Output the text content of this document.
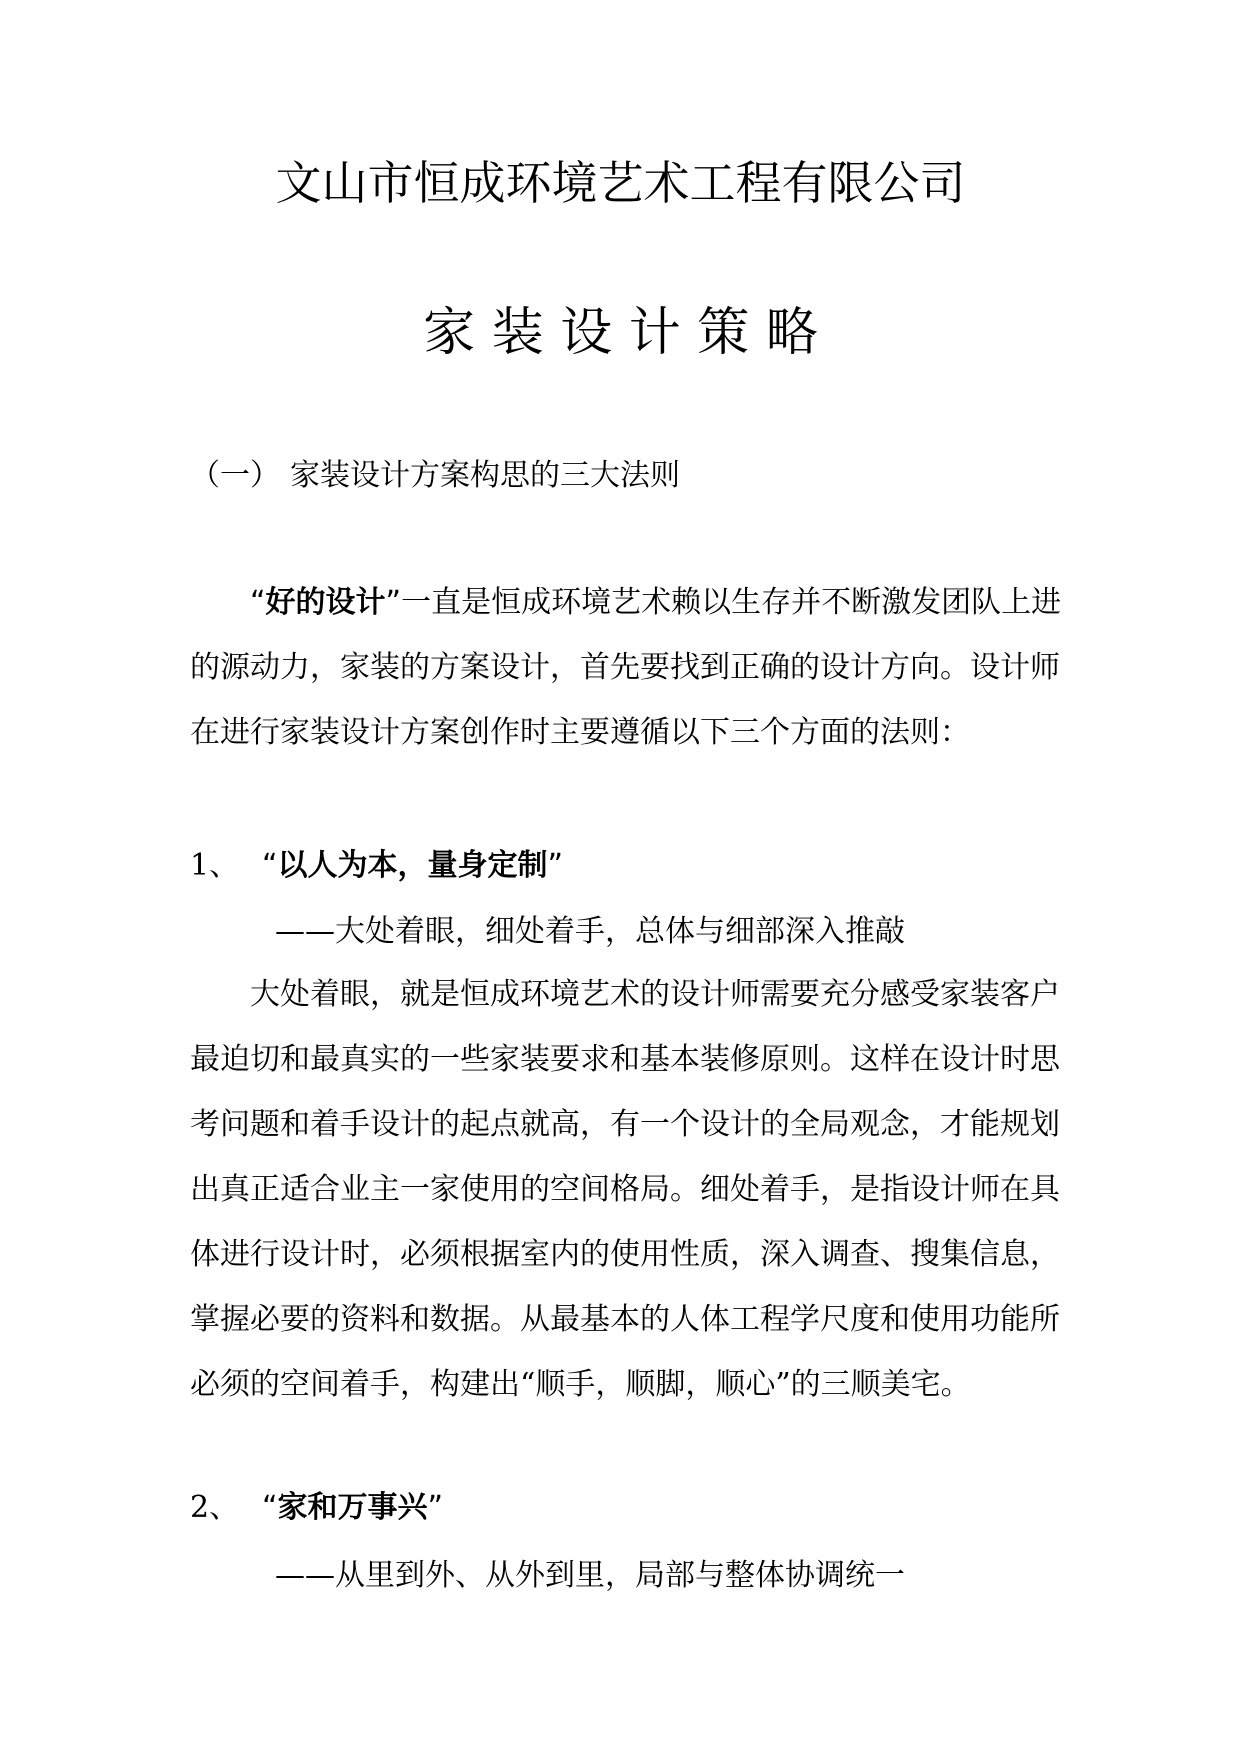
文山市恒成环境艺术工程有限公司
家 装 设 计 策 略
（一） 家装设计方案构思的三大法则
“好的设计”一直是恒成环境艺术赖以生存并不断激发团队上进
的源动力，家装的方案设计，首先要找到正确的设计方向。设计师
在进行家装设计方案创作时主要遵循以下三个方面的法则：
1、 “以人为本，量身定制”
——大处着眼，细处着手，总体与细部深入推敲
大处着眼，就是恒成环境艺术的设计师需要充分感受家装客户
最迫切和最真实的一些家装要求和基本装修原则。这样在设计时思
考问题和着手设计的起点就高，有一个设计的全局观念，才能规划
出真正适合业主一家使用的空间格局。细处着手，是指设计师在具
体进行设计时，必须根据室内的使用性质，深入调查、搜集信息，
掌握必要的资料和数据。从最基本的人体工程学尺度和使用功能所
必须的空间着手，构建出“顺手，顺脚，顺心”的三顺美宅。
2、 “家和万事兴”
——从里到外、从外到里，局部与整体协调统一
